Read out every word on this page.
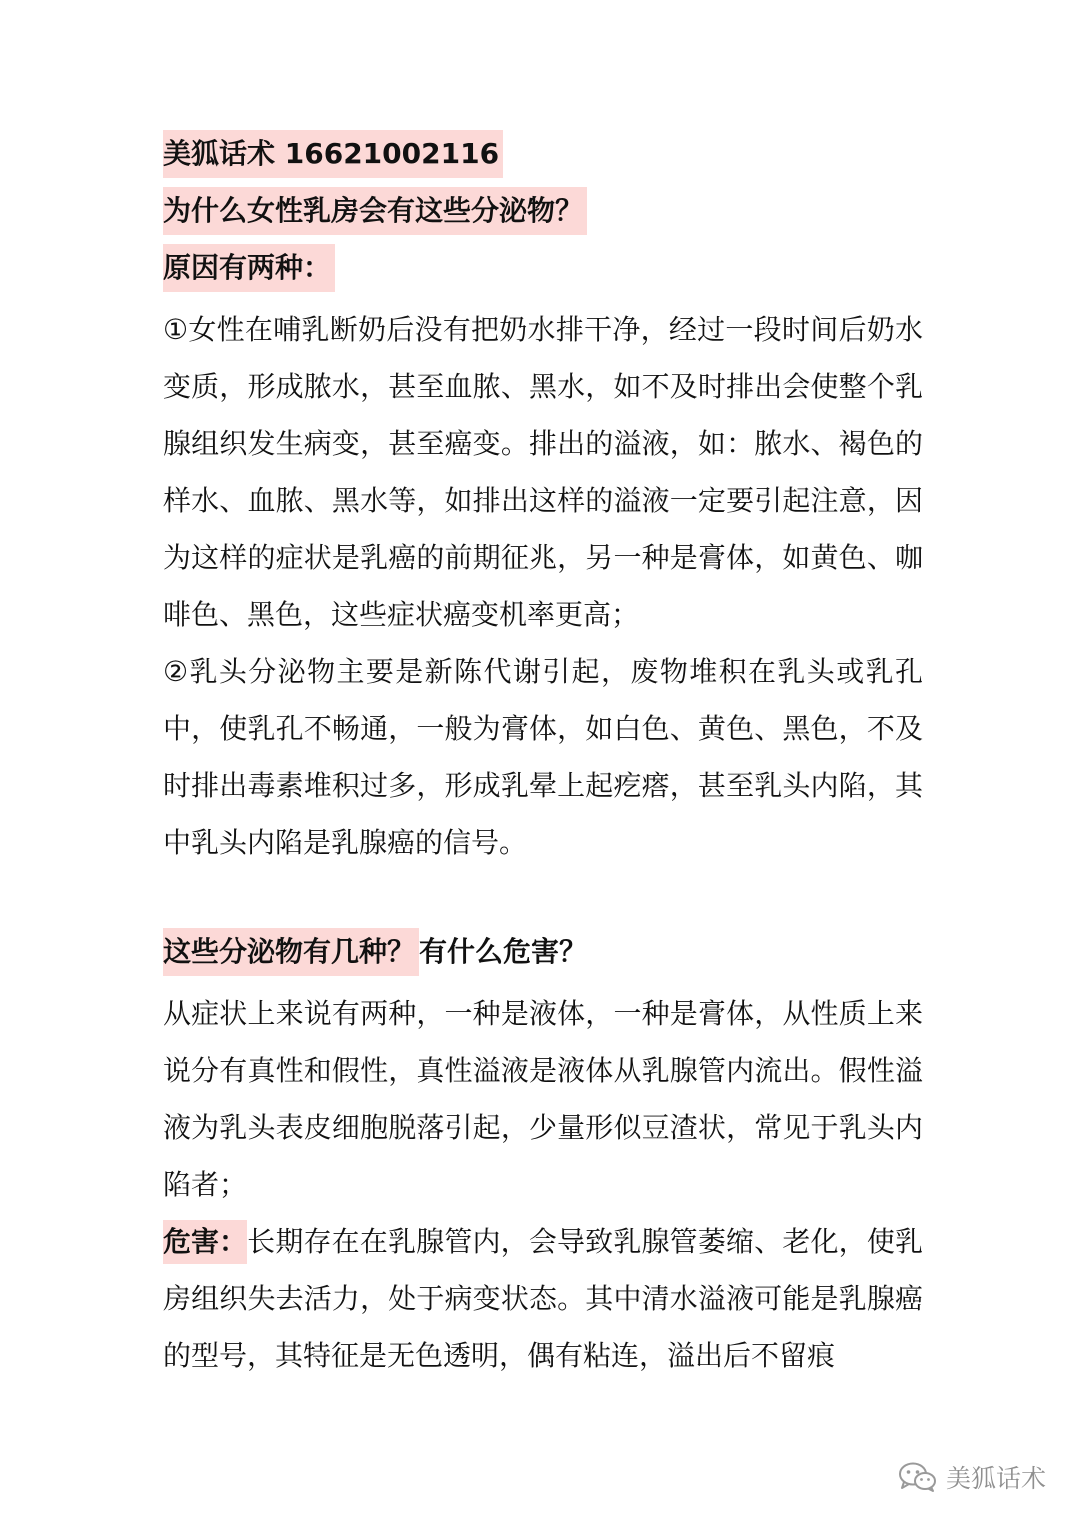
美狐话术 16621002116
为什么女性乳房会有这些分泌物？
原因有两种：

①女性在哺乳断奶后没有把奶水排干净，经过一段时间后奶水变质，形成脓水，甚至血脓、黑水，如不及时排出会使整个乳腺组织发生病变，甚至癌变。排出的溢液，如：脓水、褐色的样水、血脓、黑水等，如排出这样的溢液一定要引起注意，因为这样的症状是乳癌的前期征兆，另一种是膏体，如黄色、咖啡色、黑色，这些症状癌变机率更高；

②乳头分泌物主要是新陈代谢引起，废物堆积在乳头或乳孔中，使乳孔不畅通，一般为膏体，如白色、黄色、黑色，不及时排出毒素堆积过多，形成乳晕上起疙瘩，甚至乳头内陷，其中乳头内陷是乳腺癌的信号。

这些分泌物有几种？ 有什么危害？

从症状上来说有两种，一种是液体，一种是膏体，从性质上来说分有真性和假性，真性溢液是液体从乳腺管内流出。假性溢液为乳头表皮细胞脱落引起，少量形似豆渣状，常见于乳头内陷者；

危害：长期存在在乳腺管内，会导致乳腺管萎缩、老化，使乳房组织失去活力，处于病变状态。其中清水溢液可能是乳腺癌的型号，其特征是无色透明，偶有粘连，溢出后不留痕

美狐话术
